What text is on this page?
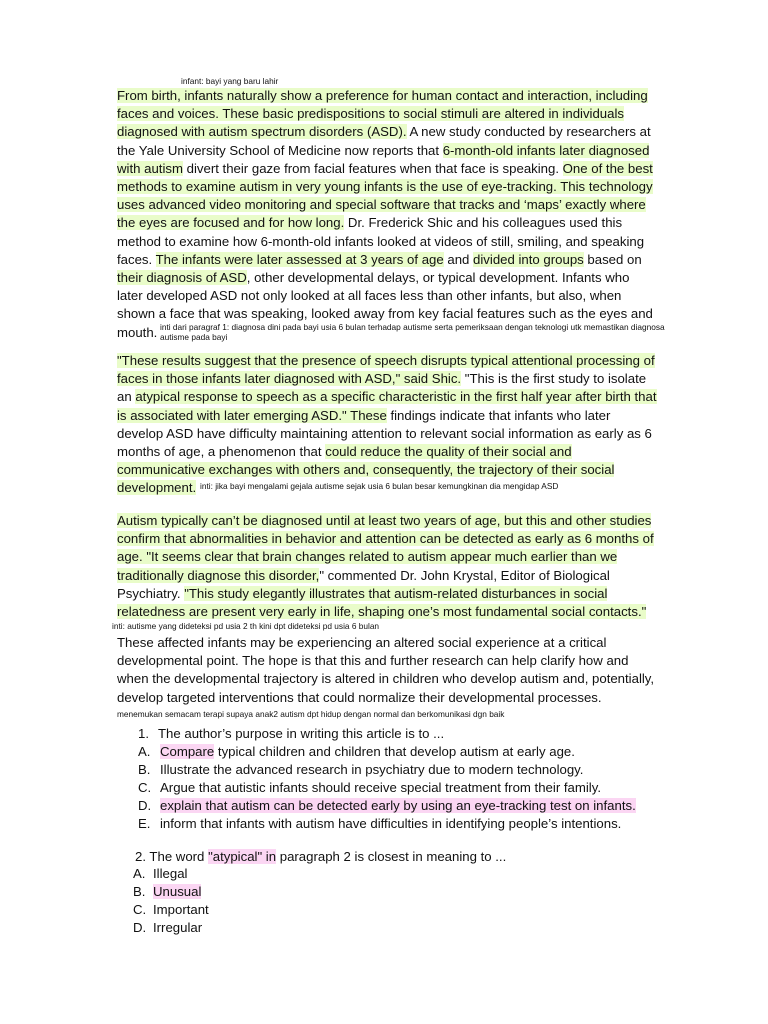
infant: bayi yang baru lahir

From birth, infants naturally show a preference for human contact and interaction, including faces and voices. These basic predispositions to social stimuli are altered in individuals diagnosed with autism spectrum disorders (ASD). A new study conducted by researchers at the Yale University School of Medicine now reports that 6-month-old infants later diagnosed with autism divert their gaze from facial features when that face is speaking. One of the best methods to examine autism in very young infants is the use of eye-tracking. This technology uses advanced video monitoring and special software that tracks and ‘maps’ exactly where the eyes are focused and for how long. Dr. Frederick Shic and his colleagues used this method to examine how 6-month-old infants looked at videos of still, smiling, and speaking faces. The infants were later assessed at 3 years of age and divided into groups based on their diagnosis of ASD, other developmental delays, or typical development. Infants who later developed ASD not only looked at all faces less than other infants, but also, when shown a face that was speaking, looked away from key facial features such as the eyes and mouth. inti dari paragraf 1: diagnosa dini pada bayi usia 6 bulan terhadap autisme serta pemeriksaan dengan teknologi utk memastikan diagnosa autisme pada bayi

"These results suggest that the presence of speech disrupts typical attentional processing of faces in those infants later diagnosed with ASD," said Shic. "This is the first study to isolate an atypical response to speech as a specific characteristic in the first half year after birth that is associated with later emerging ASD." These findings indicate that infants who later develop ASD have difficulty maintaining attention to relevant social information as early as 6 months of age, a phenomenon that could reduce the quality of their social and communicative exchanges with others and, consequently, the trajectory of their social development. inti: jika bayi mengalami gejala autisme sejak usia 6 bulan besar kemungkinan dia mengidap ASD

Autism typically can’t be diagnosed until at least two years of age, but this and other studies confirm that abnormalities in behavior and attention can be detected as early as 6 months of age. "It seems clear that brain changes related to autism appear much earlier than we traditionally diagnose this disorder," commented Dr. John Krystal, Editor of Biological Psychiatry. "This study elegantly illustrates that autism-related disturbances in social relatedness are present very early in life, shaping one’s most fundamental social contacts."

inti: autisme yang dideteksi pd usia 2 th kini dpt dideteksi pd usia 6 bulan

These affected infants may be experiencing an altered social experience at a critical developmental point. The hope is that this and further research can help clarify how and when the developmental trajectory is altered in children who develop autism and, potentially, develop targeted interventions that could normalize their developmental processes.

menemukan semacam terapi supaya anak2 autism dpt hidup dengan normal dan berkomunikasi dgn baik
1. The author’s purpose in writing this article is to ...
A. Compare typical children and children that develop autism at early age.
B. Illustrate the advanced research in psychiatry due to modern technology.
C. Argue that autistic infants should receive special treatment from their family.
D. explain that autism can be detected early by using an eye-tracking test on infants.
E. inform that infants with autism have difficulties in identifying people’s intentions.
2. The word "atypical" in paragraph 2 is closest in meaning to ...
A. Illegal
B. Unusual
C. Important
D. Irregular
